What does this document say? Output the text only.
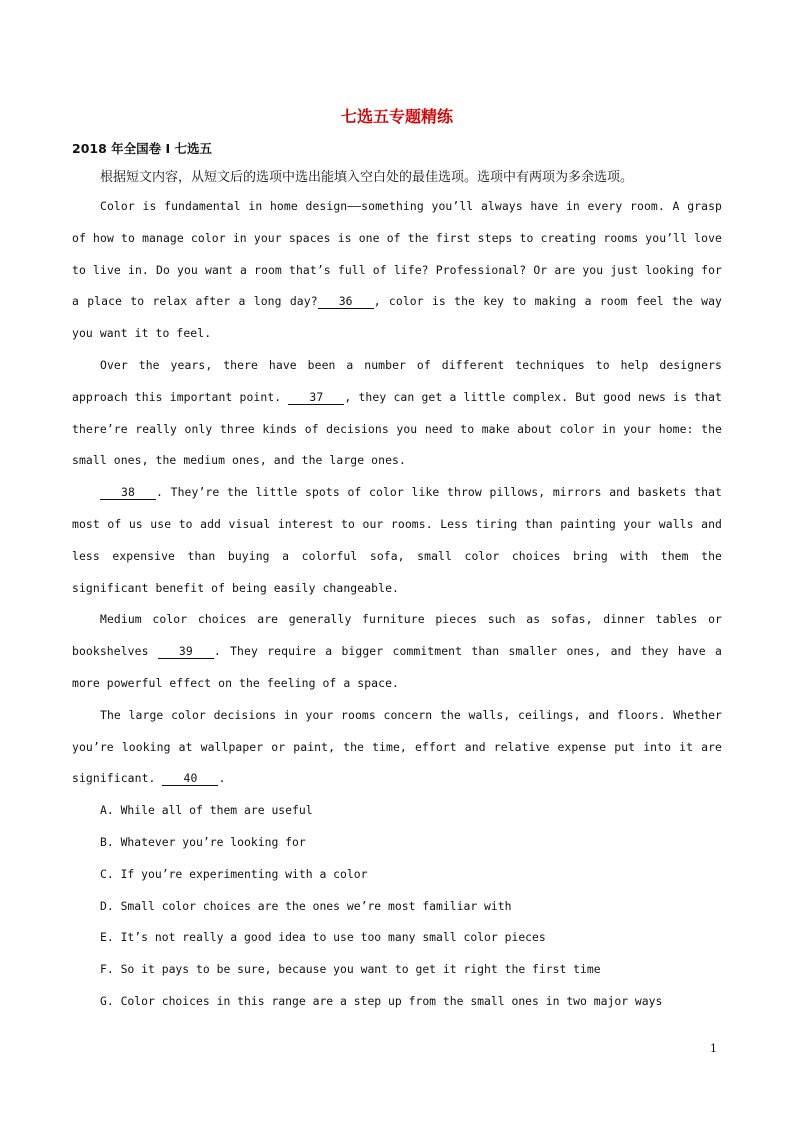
七选五专题精练
2018 年全国卷 I 七选五
根据短文内容，从短文后的选项中选出能填入空白处的最佳选项。选项中有两项为多余选项。

Color is fundamental in home design——something you’ll always have in every room. A grasp of how to manage color in your spaces is one of the first steps to creating rooms you’ll love to live in. Do you want a room that’s full of life? Professional? Or are you just looking for a place to relax after a long day? 36 , color is the key to making a room feel the way you want it to feel.

Over the years, there have been a number of different techniques to help designers approach this important point. 37 , they can get a little complex. But good news is that there’re really only three kinds of decisions you need to make about color in your home: the small ones, the medium ones, and the large ones.

38 . They’re the little spots of color like throw pillows, mirrors and baskets that most of us use to add visual interest to our rooms. Less tiring than painting your walls and less expensive than buying a colorful sofa, small color choices bring with them the significant benefit of being easily changeable.

Medium color choices are generally furniture pieces such as sofas, dinner tables or bookshelves	39 . They require a bigger commitment than smaller ones, and they have a more powerful effect on the feeling of a space.

The large color decisions in your rooms concern the walls, ceilings, and floors. Whether you’re looking at wallpaper or paint, the time, effort and relative expense put into it are significant. 40 .

A. While all of them are useful

B. Whatever you’re looking for

C. If you’re experimenting with a color

D. Small color choices are the ones we’re most familiar with

E. It’s not really a good idea to use too many small color pieces

F. So it pays to be sure, because you want to get it right the first time

G. Color choices in this range are a step up from the small ones in two major ways

1
